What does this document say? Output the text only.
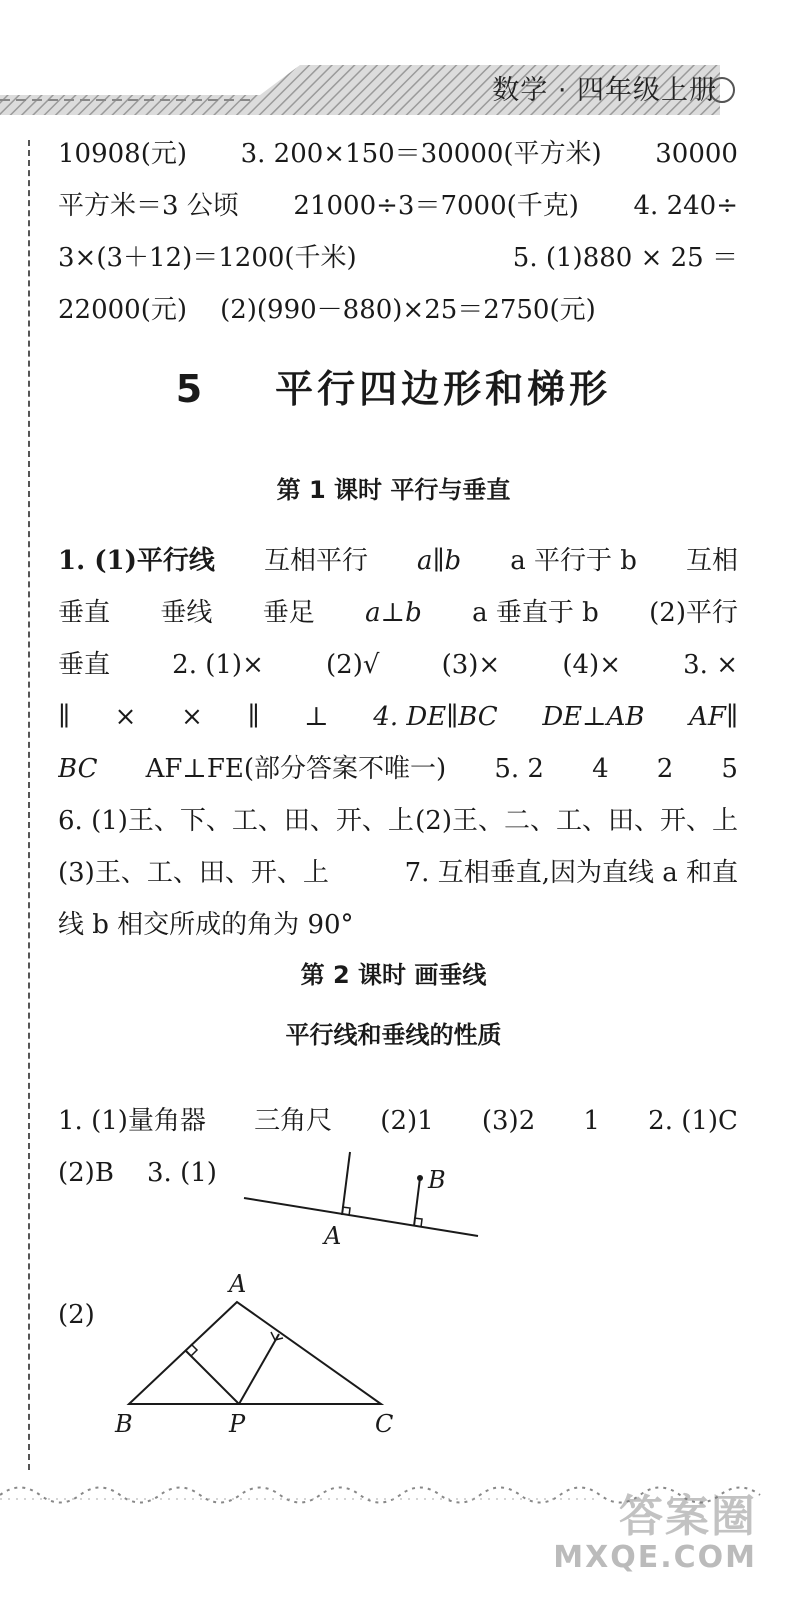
数学 · 四年级上册
10908(元) 3. 200×150＝30000(平方米) 30000
平方米＝3 公顷 21000÷3＝7000(千克) 4. 240÷
3×(3＋12)＝1200(千米)	5. (1)880 × 25 ＝
22000(元) (2)(990－880)×25＝2750(元)
5 平行四边形和梯形
第 1 课时 平行与垂直
1. (1)平行线 互相平行 a∥b a 平行于 b 互相
垂直 垂线 垂足 a⊥b a 垂直于 b (2)平行
垂直 2. (1)× (2)√ (3)× (4)× 3. ×
∥ × × ∥ ⊥ 4. DE∥BC DE⊥AB AF∥
BC AF⊥FE(部分答案不唯一) 5. 2 4 2 5
6. (1)王、下、工、田、开、上 (2)王、二、工、田、开、上
(3)王、工、田、开、上	7. 互相垂直,因为直线 a 和直
线 b 相交所成的角为 90°
第 2 课时 画垂线
平行线和垂线的性质
1. (1)量角器 三角尺 (2)1 (3)2 1 2. (1)C
(2)B 3. (1)
A
B
(2)
A
B	P	C
答案圈
MXQE.COM
